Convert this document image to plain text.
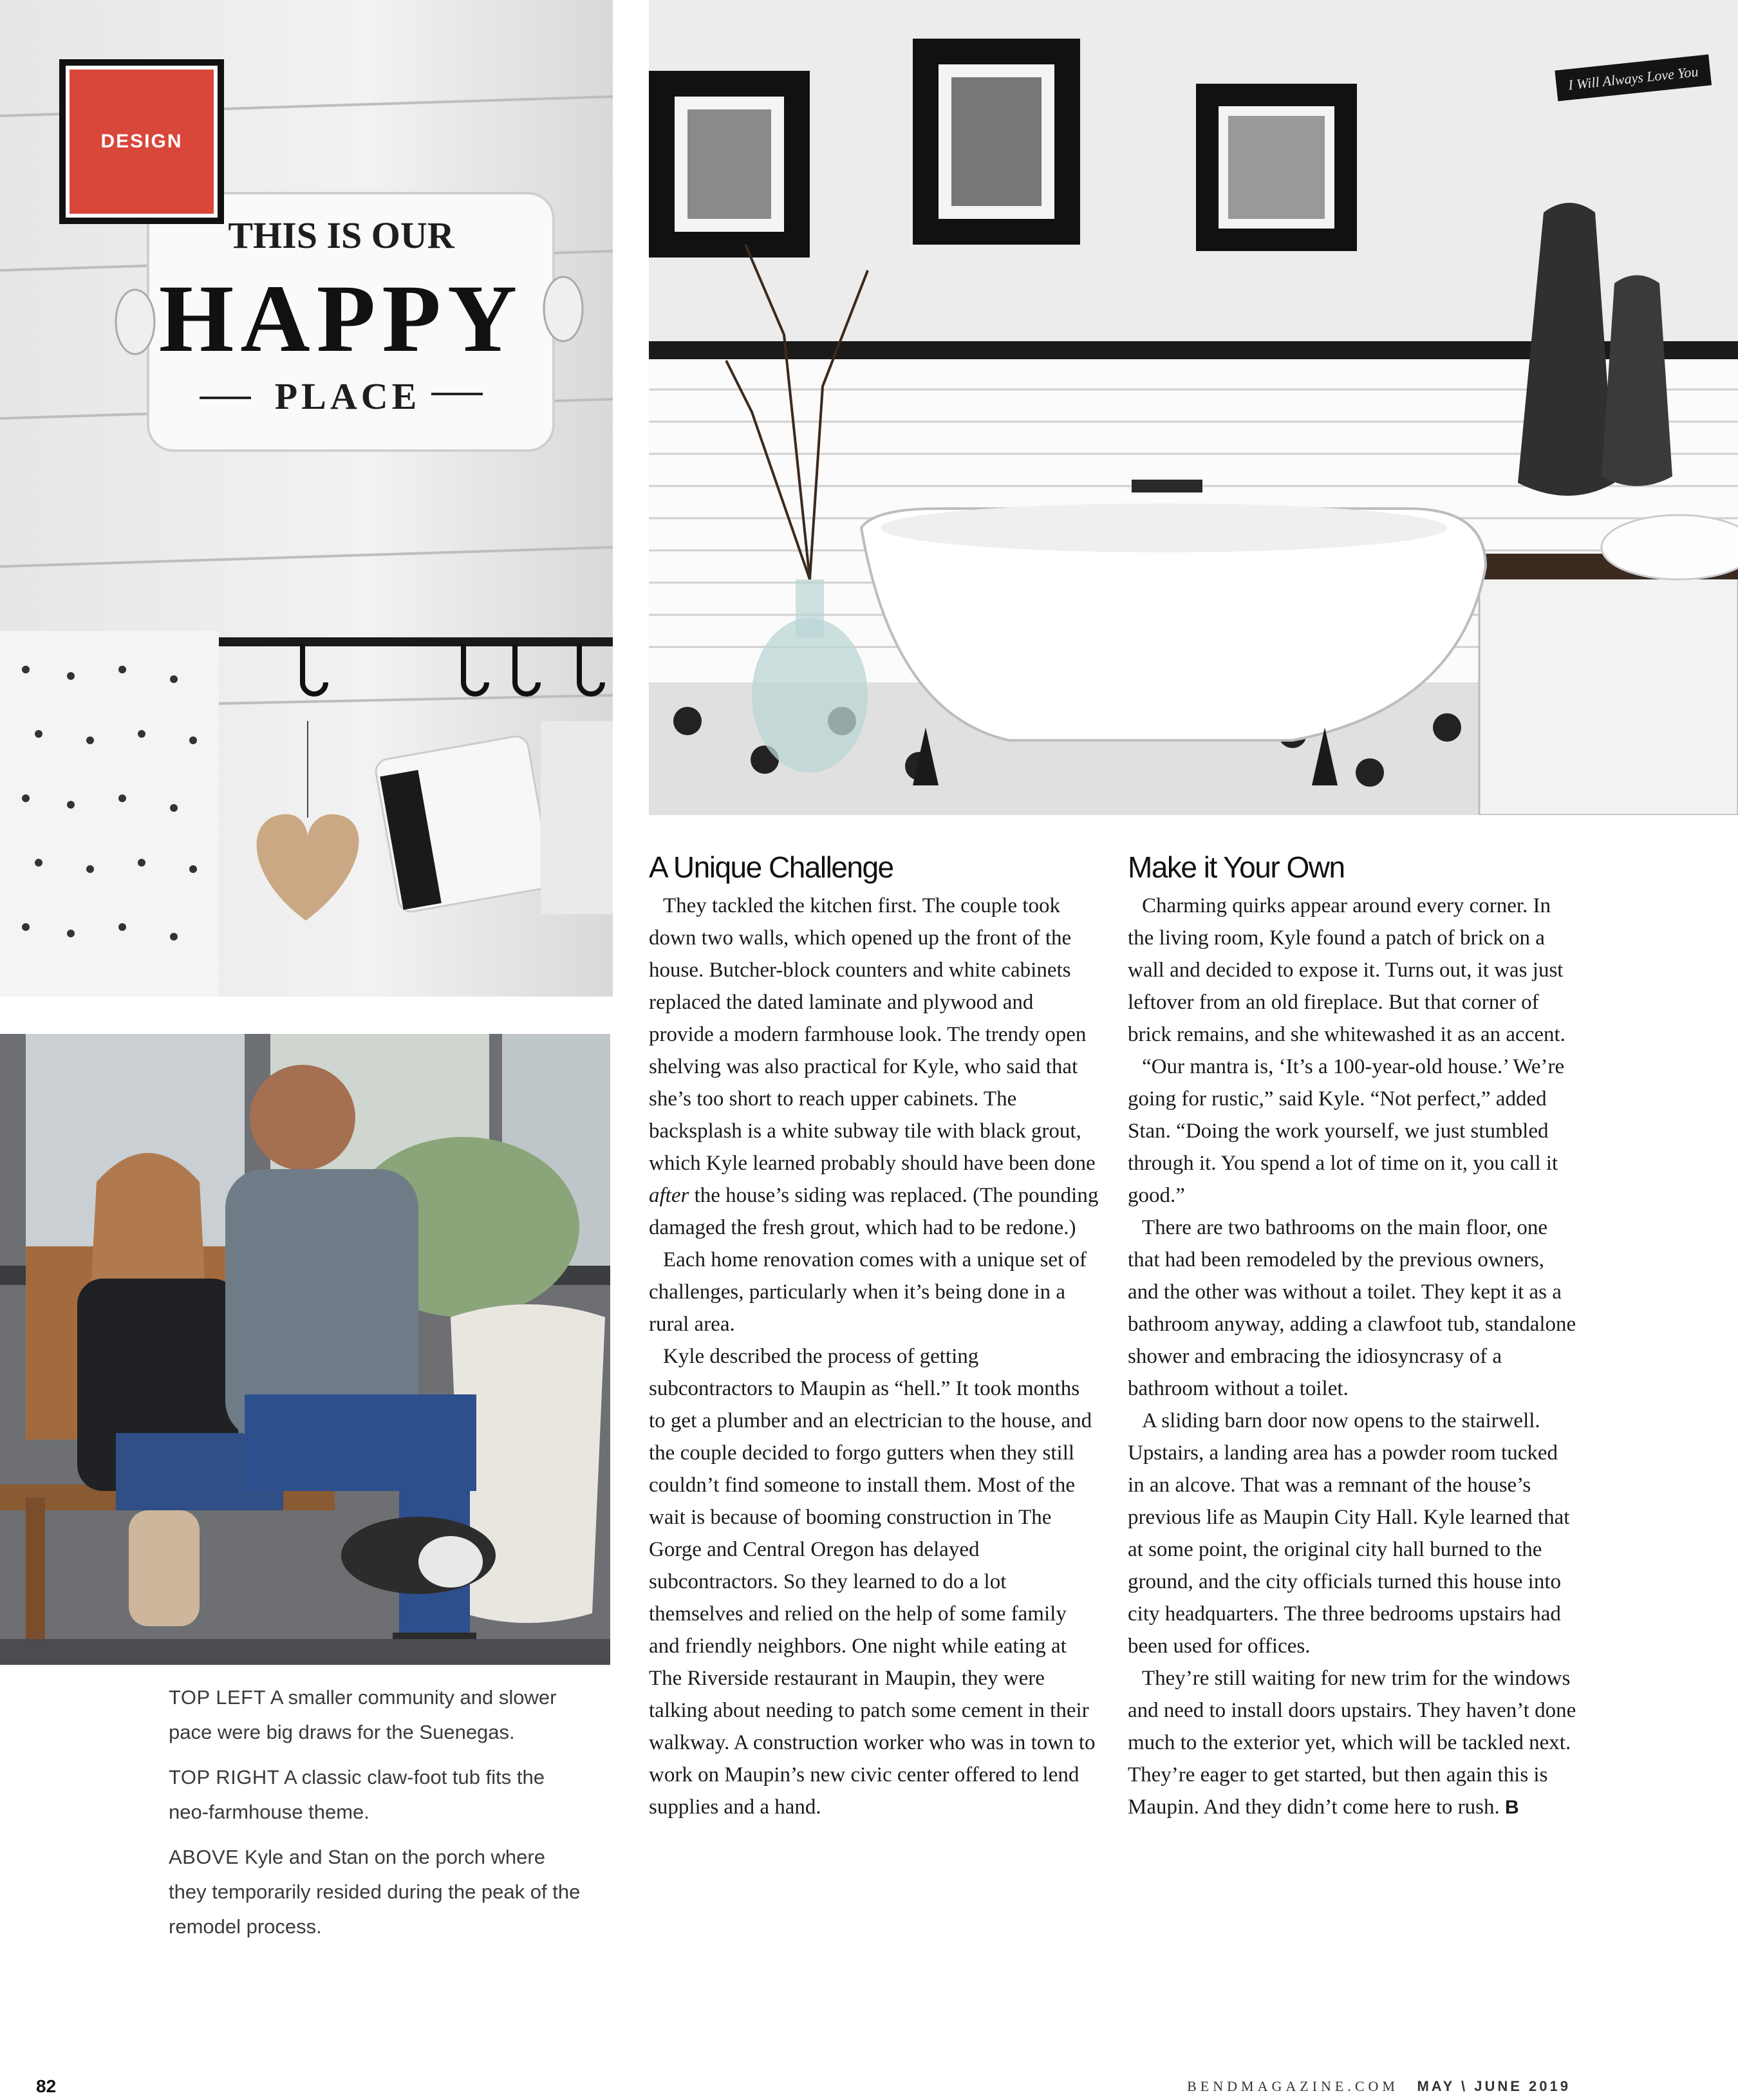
THIS IS OUR
HAPPY
PLACE
DESIGN
I Will Always Love You
A Unique Challenge

They tackled the kitchen first. The couple took down two walls, which opened up the front of the house. Butcher-block counters and white cabinets replaced the dated laminate and plywood and provide a modern farmhouse look. The trendy open shelving was also practical for Kyle, who said that she’s too short to reach upper cabinets. The backsplash is a white subway tile with black grout, which Kyle learned probably should have been done after the house’s siding was replaced. (The pounding damaged the fresh grout, which had to be redone.)

Each home renovation comes with a unique set of challenges, particularly when it’s being done in a rural area.

Kyle described the process of getting subcontractors to Maupin as “hell.” It took months to get a plumber and an electrician to the house, and the couple decided to forgo gutters when they still couldn’t find someone to install them. Most of the wait is because of booming construction in The Gorge and Central Oregon has delayed subcontractors. So they learned to do a lot themselves and relied on the help of some family and friendly neighbors. One night while eating at The Riverside restaurant in Maupin, they were talking about needing to patch some cement in their walkway. A construction worker who was in town to work on Maupin’s new civic center offered to lend supplies and a hand.

Make it Your Own

Charming quirks appear around every corner. In the living room, Kyle found a patch of brick on a wall and decided to expose it. Turns out, it was just leftover from an old fireplace. But that corner of brick remains, and she whitewashed it as an accent.

“Our mantra is, ‘It’s a 100-year-old house.’ We’re going for rustic,” said Kyle. “Not perfect,” added Stan. “Doing the work yourself, we just stumbled through it. You spend a lot of time on it, you call it good.”

There are two bathrooms on the main floor, one that had been remodeled by the previous owners, and the other was without a toilet. They kept it as a bathroom anyway, adding a clawfoot tub, standalone shower and embracing the idiosyncrasy of a bathroom without a toilet.

A sliding barn door now opens to the stairwell. Upstairs, a landing area has a powder room tucked in an alcove. That was a remnant of the house’s previous life as Maupin City Hall. Kyle learned that at some point, the original city hall burned to the ground, and the city officials turned this house into city headquarters. The three bedrooms upstairs had been used for offices.

They’re still waiting for new trim for the windows and need to install doors upstairs. They haven’t done much to the exterior yet, which will be tackled next. They’re eager to get started, but then again this is Maupin. And they didn’t come here to rush. B

TOP LEFT A smaller community and slower pace were big draws for the Suenegas.

TOP RIGHT A classic claw-foot tub fits the neo-farmhouse theme.

ABOVE Kyle and Stan on the porch where they temporarily resided during the peak of the remodel process.

82	BENDMAGAZINE.COM MAY \ JUNE 2019
